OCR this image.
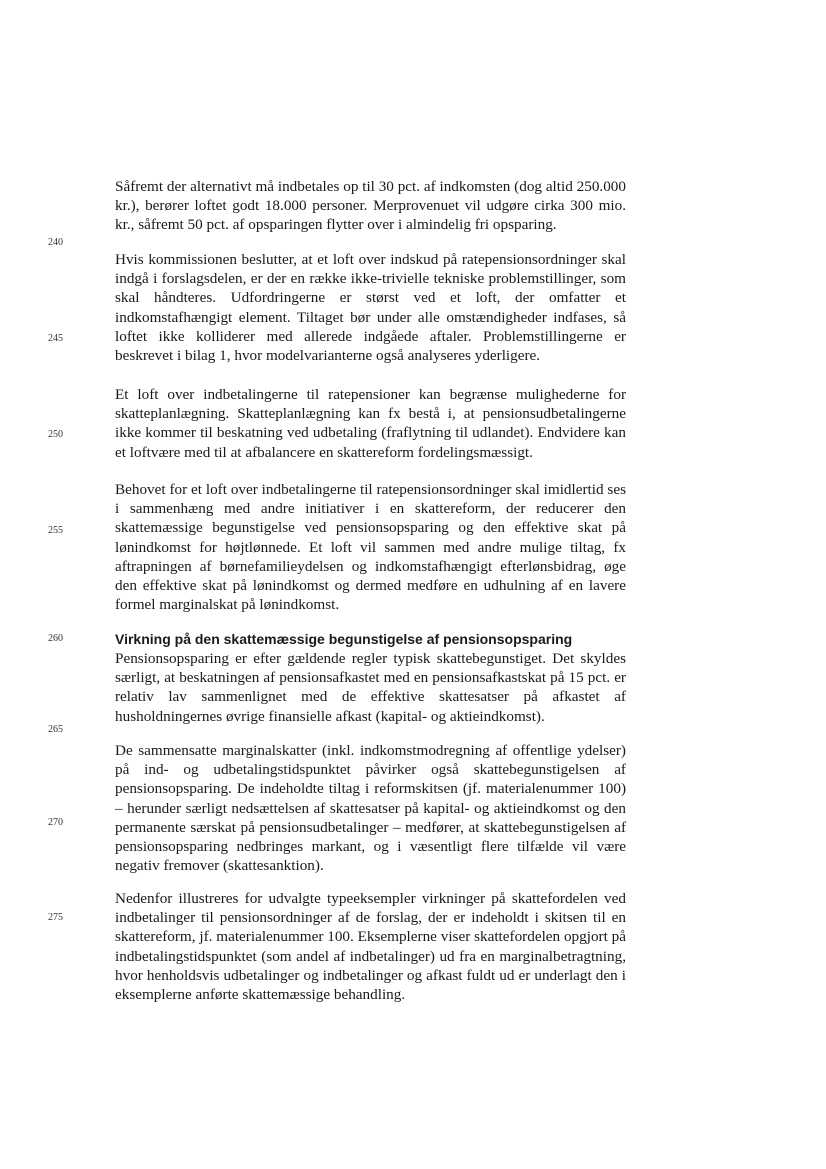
240
245
250
255
260
265
270
275

Såfremt der alternativt må indbetales op til 30 pct. af indkomsten (dog altid 250.000 kr.), berører loftet godt 18.000 personer. Merprovenuet vil udgøre cirka 300 mio. kr., såfremt 50 pct. af opsparingen flytter over i almindelig fri opsparing.

Hvis kommissionen beslutter, at et loft over indskud på ratepensionsordninger skal indgå i forslagsdelen, er der en række ikke-trivielle tekniske problemstillinger, som skal håndteres. Udfordringerne er størst ved et loft, der omfatter et indkomstafhængigt element. Tiltaget bør under alle omstændigheder indfases, så loftet ikke kolliderer med allerede indgåede aftaler. Problemstillingerne er beskrevet i bilag 1, hvor modelvarianterne også analyseres yderligere.

Et loft over indbetalingerne til ratepensioner kan begrænse mulighederne for skatteplanlægning. Skatteplanlægning kan fx bestå i, at pensionsudbetalingerne ikke kommer til beskatning ved udbetaling (fraflytning til udlandet). Endvidere kan et loftvære med til at afbalancere en skattereform fordelingsmæssigt.

Behovet for et loft over indbetalingerne til ratepensionsordninger skal imidlertid ses i sammenhæng med andre initiativer i en skattereform, der reducerer den skattemæssige begunstigelse ved pensionsopsparing og den effektive skat på lønindkomst for højtlønnede. Et loft vil sammen med andre mulige tiltag, fx aftrapningen af børnefamilieydelsen og indkomstafhængigt efterlønsbidrag, øge den effektive skat på lønindkomst og dermed medføre en udhulning af en lavere formel marginalskat på lønindkomst.

Virkning på den skattemæssige begunstigelse af pensionsopsparing

Pensionsopsparing er efter gældende regler typisk skattebegunstiget. Det skyldes særligt, at beskatningen af pensionsafkastet med en pensionsafkastskat på 15 pct. er relativ lav sammenlignet med de effektive skattesatser på afkastet af husholdningernes øvrige finansielle afkast (kapital- og aktieindkomst).

De sammensatte marginalskatter (inkl. indkomstmodregning af offentlige ydelser) på ind- og udbetalingstidspunktet påvirker også skattebegunstigelsen af pensionsopsparing. De indeholdte tiltag i reformskitsen (jf. materialenummer 100) – herunder særligt nedsættelsen af skattesatser på kapital- og aktieindkomst og den permanente særskat på pensionsudbetalinger – medfører, at skattebegunstigelsen af pensionsopsparing nedbringes markant, og i væsentligt flere tilfælde vil være negativ fremover (skattesanktion).

Nedenfor illustreres for udvalgte typeeksempler virkninger på skattefordelen ved indbetalinger til pensionsordninger af de forslag, der er indeholdt i skitsen til en skattereform, jf. materialenummer 100. Eksemplerne viser skattefordelen opgjort på indbetalingstidspunktet (som andel af indbetalinger) ud fra en marginalbetragtning, hvor henholdsvis udbetalinger og indbetalinger og afkast fuldt ud er underlagt den i eksemplerne anførte skattemæssige behandling.
